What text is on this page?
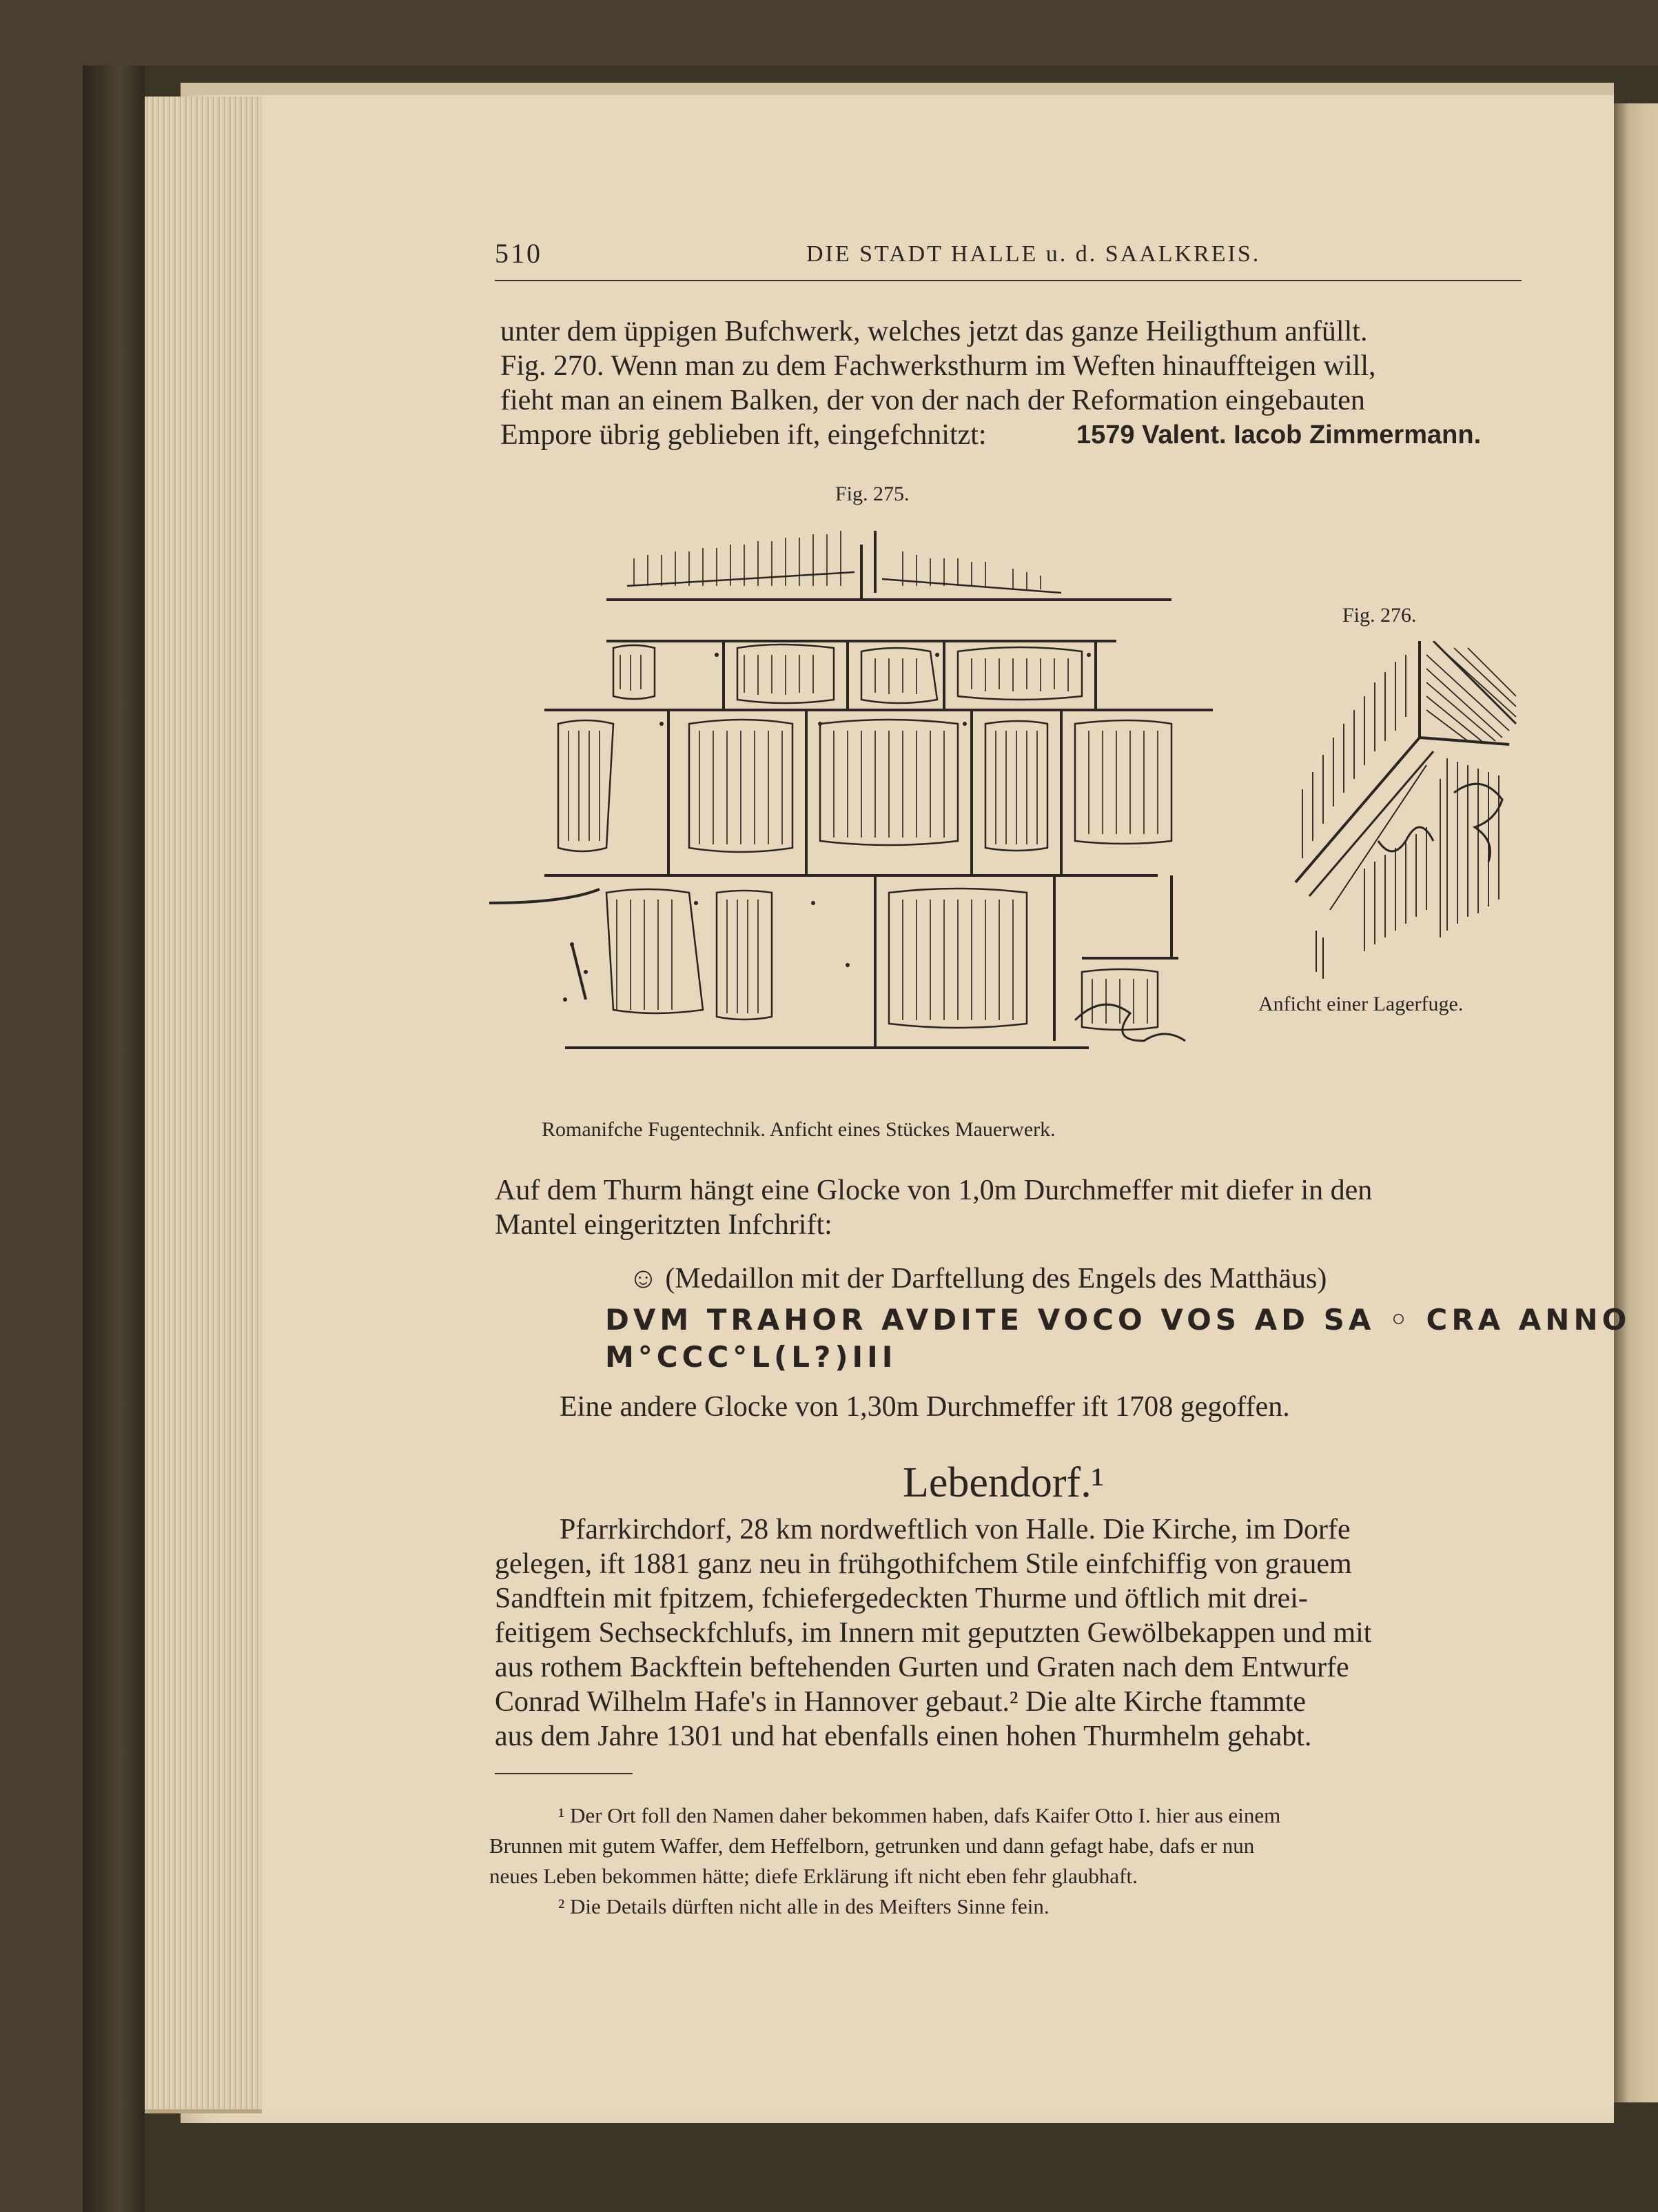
510	DIE STADT HALLE u. d. SAALKREIS.
unter dem üppigen Bufchwerk, welches jetzt das ganze Heiligthum anfüllt.
Fig. 270. Wenn man zu dem Fachwerksthurm im Weften hinauffteigen will,
fieht man an einem Balken, der von der nach der Reformation eingebauten
Empore übrig geblieben ift, eingefchnitzt:	1579 Valent. Iacob Zimmermann.
Fig. 275.
Romanifche Fugentechnik. Anficht eines Stückes Mauerwerk.
Fig. 276.
Anficht einer Lagerfuge.
Auf dem Thurm hängt eine Glocke von 1,0m Durchmeffer mit diefer in den
Mantel eingeritzten Infchrift:
☺ (Medaillon mit der Darftellung des Engels des Matthäus)
DVM TRAHOR AVDITE VOCO VOS AD SA ◦ CRA ANNO
M°CCC°L(L?)III
Eine andere Glocke von 1,30m Durchmeffer ift 1708 gegoffen.
Lebendorf.¹
Pfarrkirchdorf, 28 km nordweftlich von Halle. Die Kirche, im Dorfe
gelegen, ift 1881 ganz neu in frühgothifchem Stile einfchiffig von grauem
Sandftein mit fpitzem, fchiefergedeckten Thurme und öftlich mit drei-
feitigem Sechseckfchlufs, im Innern mit geputzten Gewölbekappen und mit
aus rothem Backftein beftehenden Gurten und Graten nach dem Entwurfe
Conrad Wilhelm Hafe's in Hannover gebaut.² Die alte Kirche ftammte
aus dem Jahre 1301 und hat ebenfalls einen hohen Thurmhelm gehabt.
¹ Der Ort foll den Namen daher bekommen haben, dafs Kaifer Otto I. hier aus einem
Brunnen mit gutem Waffer, dem Heffelborn, getrunken und dann gefagt habe, dafs er nun
neues Leben bekommen hätte; diefe Erklärung ift nicht eben fehr glaubhaft.
² Die Details dürften nicht alle in des Meifters Sinne fein.
